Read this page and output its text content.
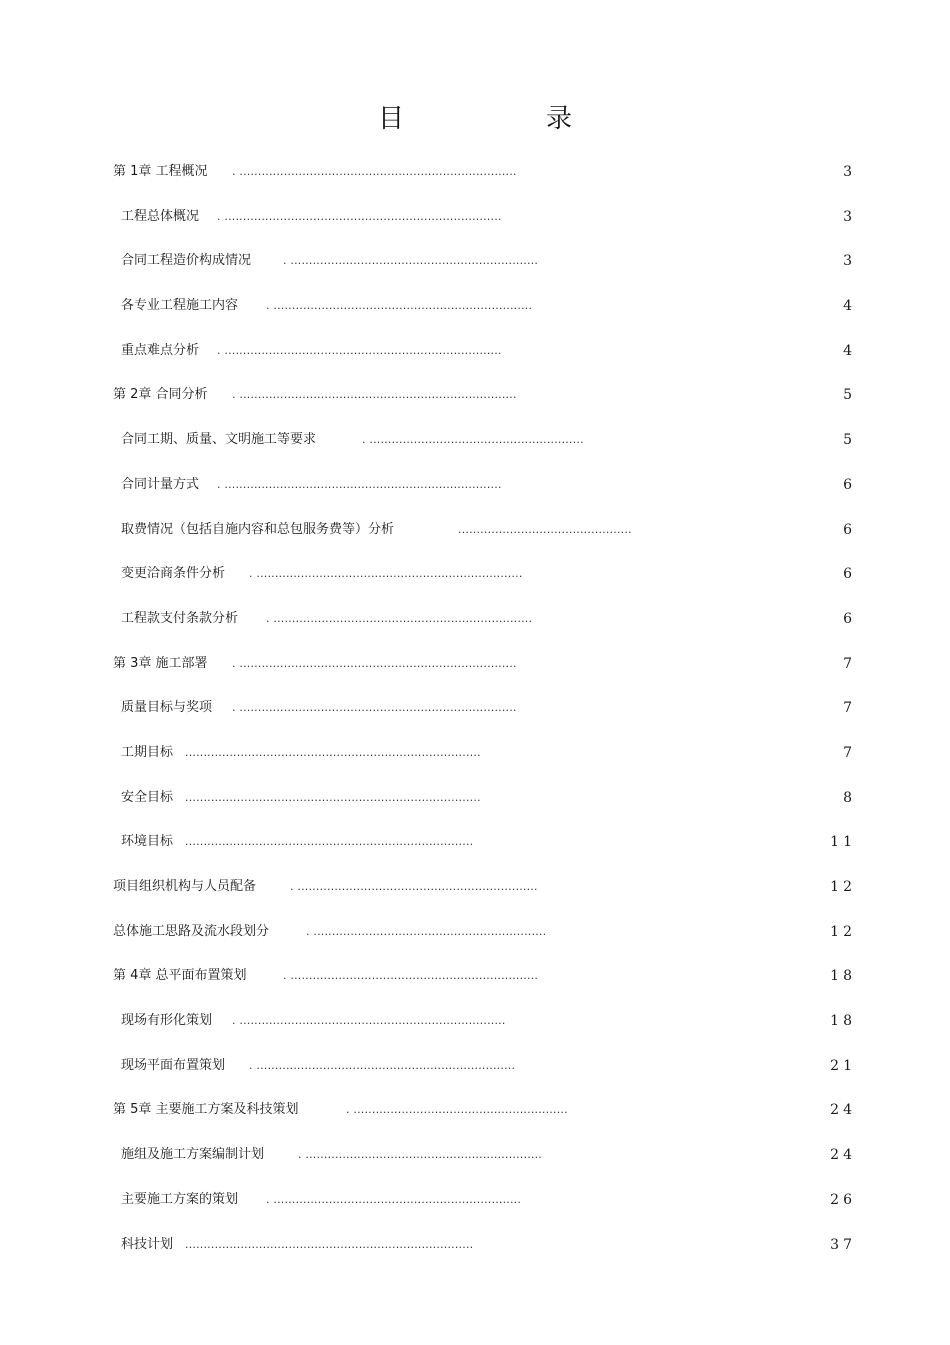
目　录
第 1章 工程概况 . ...........................................................................	3
工程总体概况 . ...........................................................................	3
合同工程造价构成情况	. ...................................................................	3
各专业工程施工内容	. ......................................................................	4
重点难点分析 . ...........................................................................	4
第 2章 合同分析 . ...........................................................................	5
合同工期、质量、文明施工等要求	. ..........................................................	5
合同计量方式 . ...........................................................................	6
取费情况（包括自施内容和总包服务费等）分析	...............................................	6
变更洽商条件分析 . ........................................................................	6
工程款支付条款分析	. ......................................................................	6
第 3章 施工部署 . ...........................................................................	7
质量目标与奖项 . ...........................................................................	7
工期目标 ................................................................................	7
安全目标 ................................................................................	8
环境目标 ..............................................................................	11
项目组织机构与人员配备	. .................................................................	12
总体施工思路及流水段划分	. ...............................................................	12
第 4章 总平面布置策划	. ...................................................................	18
现场有形化策划 . ........................................................................	18
现场平面布置策划 . ......................................................................	21
第 5章 主要施工方案及科技策划	. ..........................................................	24
施组及施工方案编制计划	. ................................................................	24
主要施工方案的策划	. ...................................................................	26
科技计划 ..............................................................................	37
